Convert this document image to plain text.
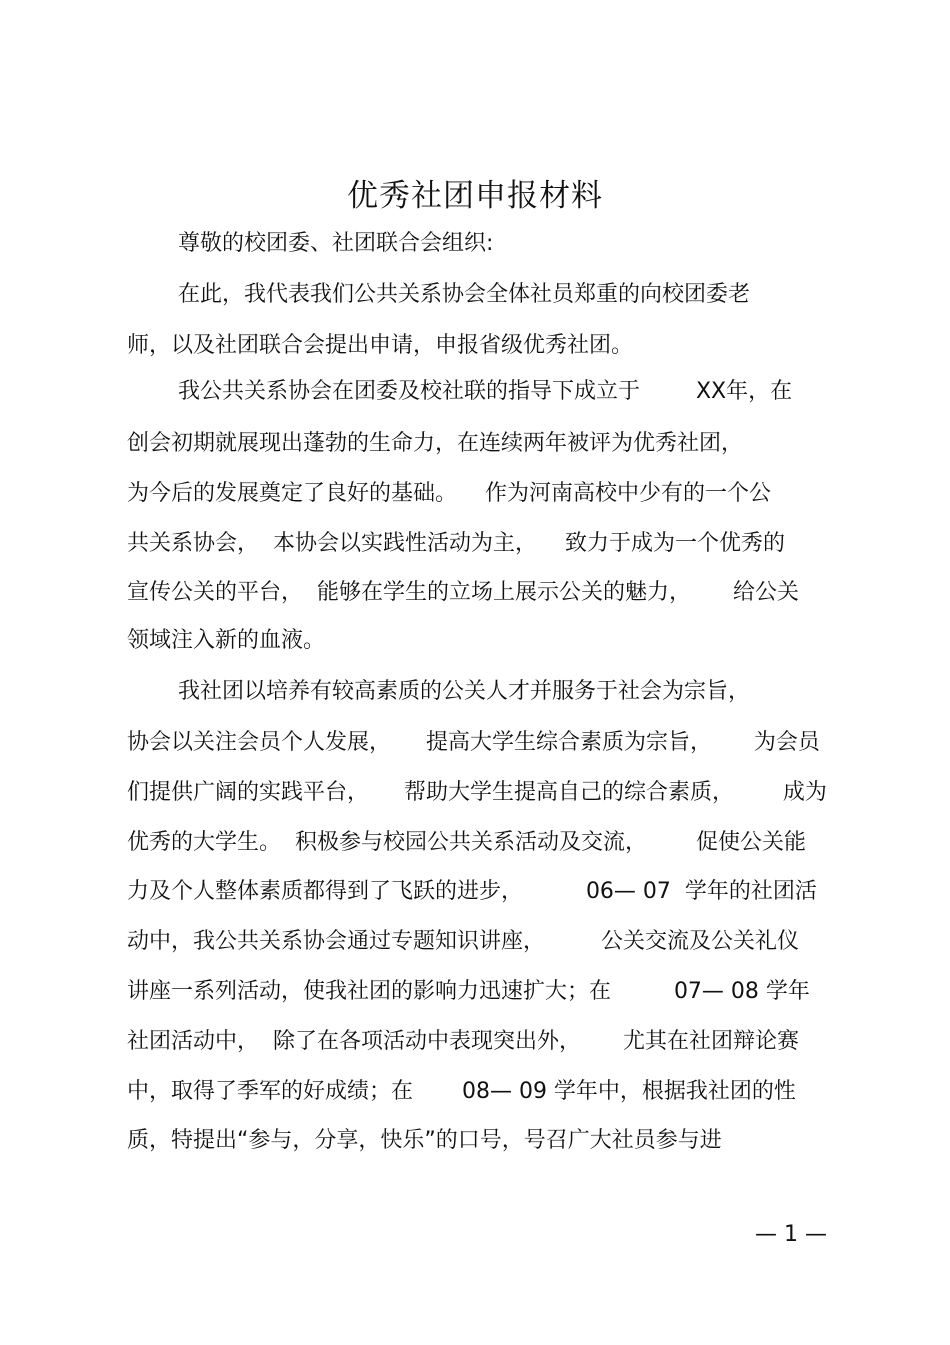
优秀社团申报材料

尊敬的校团委、社团联合会组织:

在此，我代表我们公共关系协会全体社员郑重的向校团委老

师，以及社团联合会提出申请，申报省级优秀社团。

我公共关系协会在团委及校社联的指导下成立于        XX年，在

创会初期就展现出蓬勃的生命力，在连续两年被评为优秀社团，

为今后的发展奠定了良好的基础。    作为河南高校中少有的一个公

共关系协会，  本协会以实践性活动为主，    致力于成为一个优秀的

宣传公关的平台，  能够在学生的立场上展示公关的魅力，      给公关

领域注入新的血液。

我社团以培养有较高素质的公关人才并服务于社会为宗旨，

协会以关注会员个人发展，     提高大学生综合素质为宗旨，      为会员

们提供广阔的实践平台，     帮助大学生提高自己的综合素质，       成为

优秀的大学生。  积极参与校园公共关系活动及交流，       促使公关能

力及个人整体素质都得到了飞跃的进步，         06— 07  学年的社团活

动中，我公共关系协会通过专题知识讲座，        公关交流及公关礼仪

讲座一系列活动，使我社团的影响力迅速扩大；在         07— 08 学年

社团活动中，  除了在各项活动中表现突出外，      尤其在社团辩论赛

中，取得了季军的好成绩；在       08— 09 学年中，根据我社团的性

质，特提出“参与，分享，快乐”的口号，号召广大社员参与进

— 1 —
